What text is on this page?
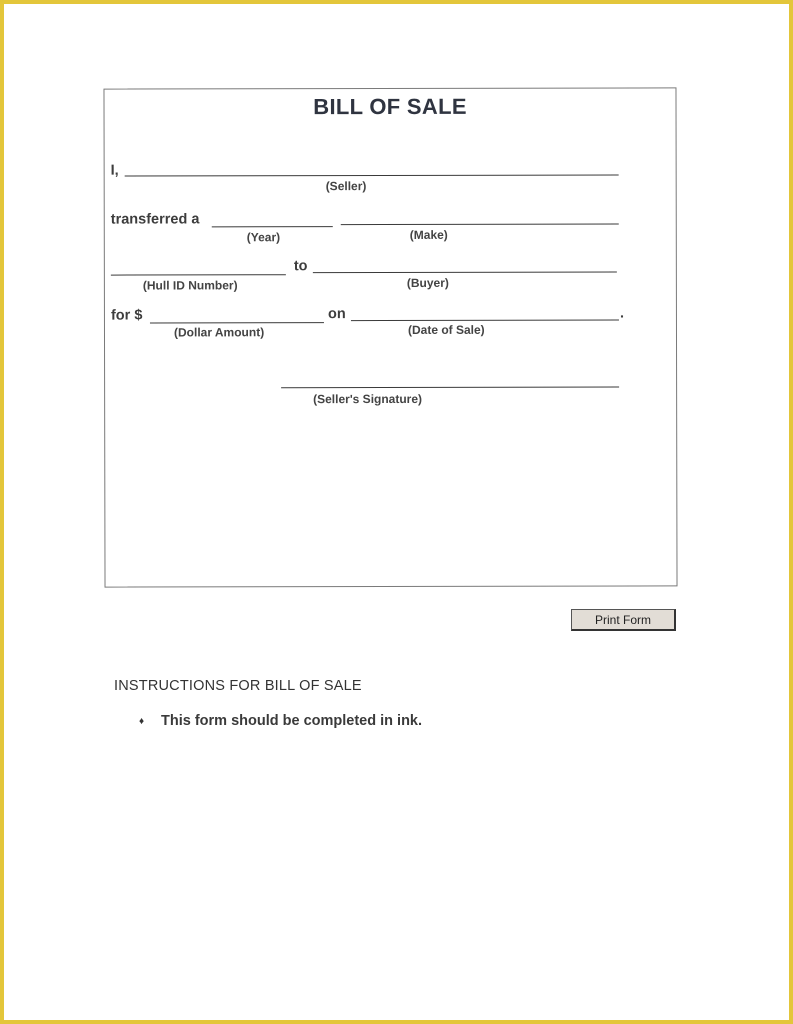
BILL OF SALE
I,
(Seller)
transferred a
(Year)	(Make)
(Hull ID Number)
to
(Buyer)
for $
(Dollar Amount)
on	.
(Date of Sale)
(Seller's Signature)
Print Form
INSTRUCTIONS FOR BILL OF SALE
♦ This form should be completed in ink.
